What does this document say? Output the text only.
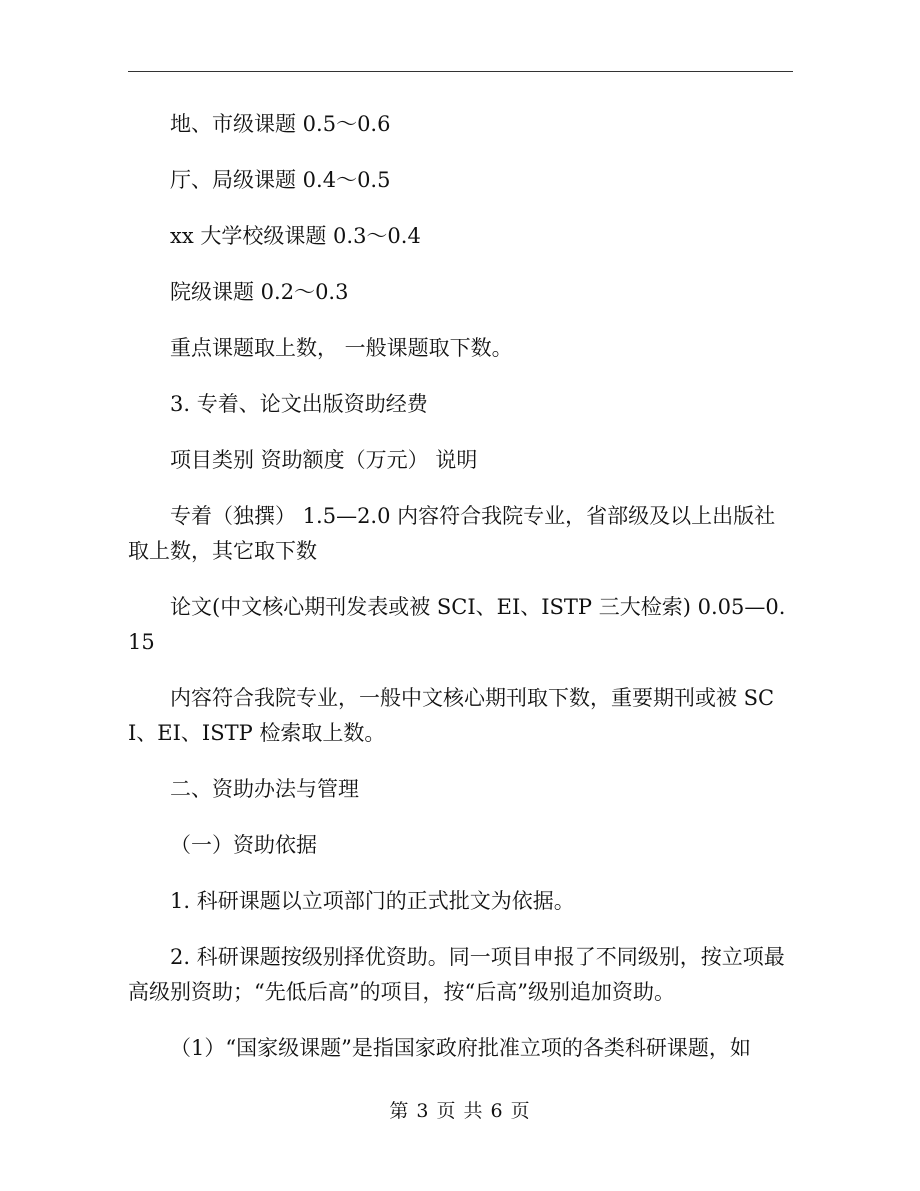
地、市级课题 0.5～0.6

厅、局级课题 0.4～0.5

xx 大学校级课题 0.3～0.4

院级课题 0.2～0.3

重点课题取上数， 一般课题取下数。

3. 专着、论文出版资助经费

项目类别 资助额度（万元） 说明

专着（独撰） 1.5—2.0 内容符合我院专业，省部级及以上出版社取上数，其它取下数

论文(中文核心期刊发表或被 SCI、EI、ISTP 三大检索) 0.05—0.15

内容符合我院专业，一般中文核心期刊取下数，重要期刊或被 SCI、EI、ISTP 检索取上数。

二、资助办法与管理

（一）资助依据

1. 科研课题以立项部门的正式批文为依据。

2. 科研课题按级别择优资助。同一项目申报了不同级别，按立项最高级别资助；“先低后高”的项目，按“后高”级别追加资助。

（1）“国家级课题”是指国家政府批准立项的各类科研课题，如

第 3 页 共 6 页
